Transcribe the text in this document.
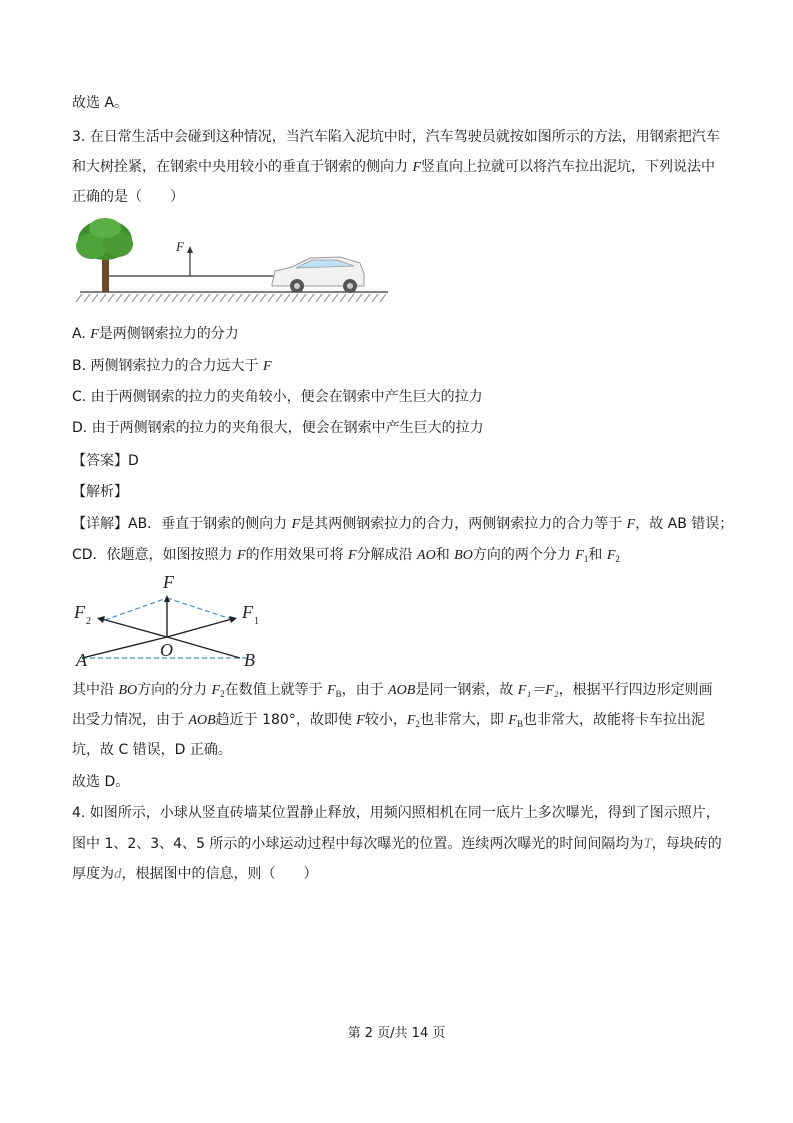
故选 A。
3. 在日常生活中会碰到这种情况，当汽车陷入泥坑中时，汽车驾驶员就按如图所示的方法，用钢索把汽车
和大树拴紧，在钢索中央用较小的垂直于钢索的侧向力 F竖直向上拉就可以将汽车拉出泥坑，下列说法中
正确的是（　　）
F
A. F是两侧钢索拉力的分力
B. 两侧钢索拉力的合力远大于 F
C. 由于两侧钢索的拉力的夹角较小，便会在钢索中产生巨大的拉力
D. 由于两侧钢索的拉力的夹角很大，便会在钢索中产生巨大的拉力
【答案】D
【解析】
【详解】AB．垂直于钢索的侧向力 F是其两侧钢索拉力的合力，两侧钢索拉力的合力等于 F，故 AB 错误；
CD．依题意，如图按照力 F的作用效果可将 F分解成沿 AO和 BO方向的两个分力 $F_1$和 $F_2$
F
F 1
F 2
O
A	B
其中沿 BO方向的分力 $F_2$在数值上就等于 $F_B$，由于 AOB是同一钢索，故 F₁＝F₂，根据平行四边形定则画
出受力情况，由于 AOB趋近于 180°，故即使 F较小，$F_2$也非常大，即 $F_B$也非常大，故能将卡车拉出泥
坑，故 C 错误，D 正确。
故选 D。
4. 如图所示，小球从竖直砖墙某位置静止释放，用频闪照相机在同一底片上多次曝光，得到了图示照片，
图中 1、2、3、4、5 所示的小球运动过程中每次曝光的位置。连续两次曝光的时间间隔均为T，每块砖的
厚度为d，根据图中的信息，则（　　）
第 2 页/共 14 页
